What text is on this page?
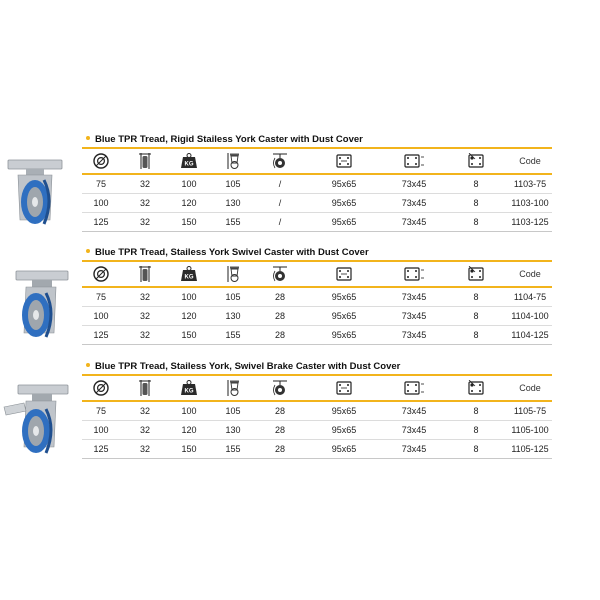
Blue TPR Tread, Rigid Stailess York Caster with Dust Cover
KG	Code
75	32	100	105	/	95x65	73x45	8	1103-75
100	32	120	130	/	95x65	73x45	8	1103-100
125	32	150	155	/	95x65	73x45	8	1103-125
Blue TPR Tread, Stailess York Swivel Caster with Dust Cover
KG	Code
75	32	100	105	28	95x65	73x45	8	1104-75
100	32	120	130	28	95x65	73x45	8	1104-100
125	32	150	155	28	95x65	73x45	8	1104-125
Blue TPR Tread, Stailess York, Swivel Brake Caster with Dust Cover
KG	Code
75	32	100	105	28	95x65	73x45	8	1105-75
100	32	120	130	28	95x65	73x45	8	1105-100
125	32	150	155	28	95x65	73x45	8	1105-125
